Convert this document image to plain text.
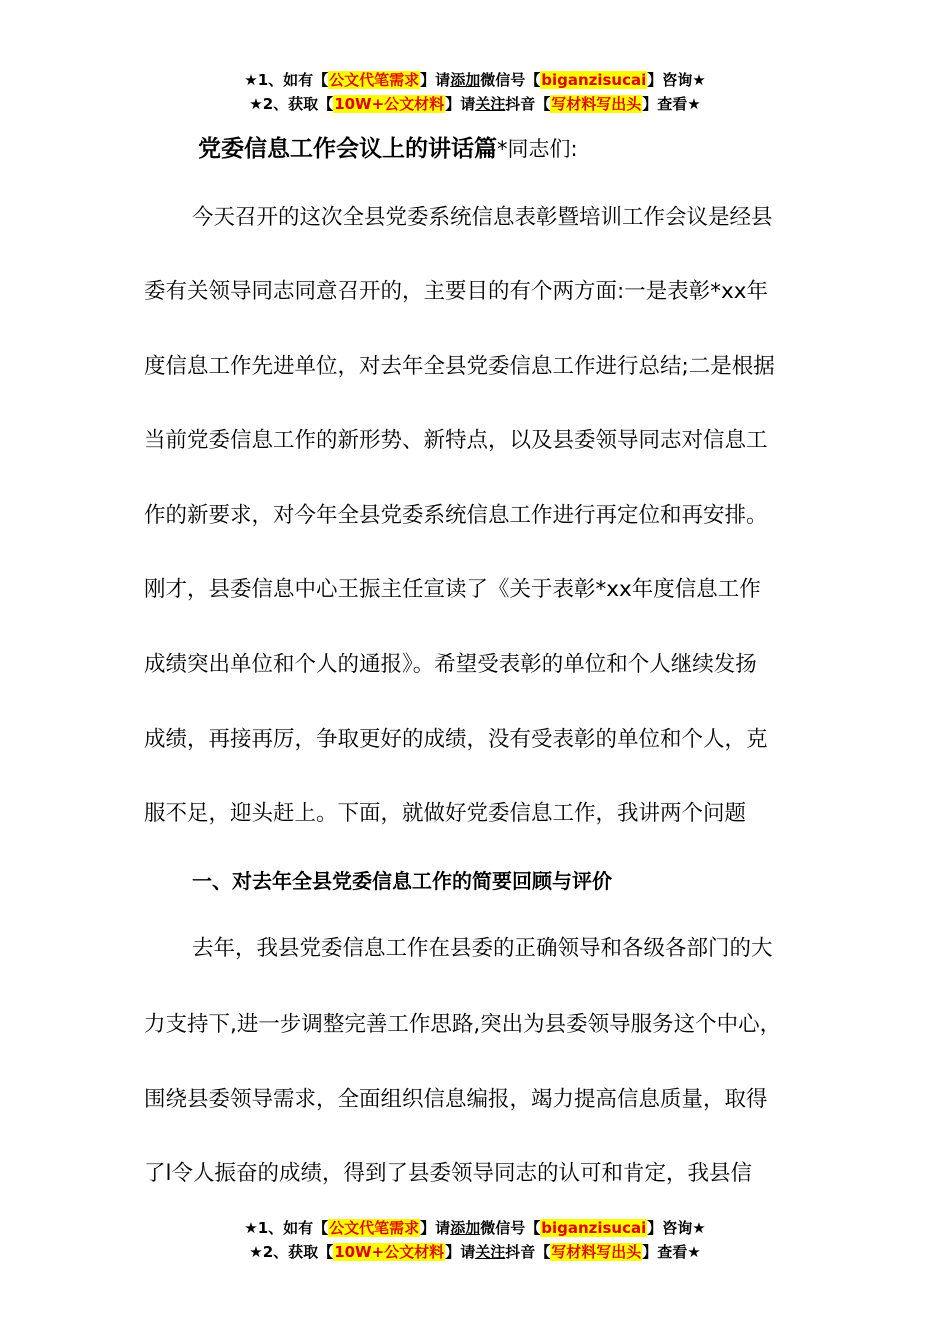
★1、如有【公文代笔需求】请添加微信号【biganzisucai】咨询★
★2、获取【10W+公文材料】请关注抖音【写材料写出头】查看★
党委信息工作会议上的讲话篇*同志们:
今天召开的这次全县党委系统信息表彰暨培训工作会议是经县
委有关领导同志同意召开的，主要目的有个两方面:一是表彰*xx年
度信息工作先进单位，对去年全县党委信息工作进行总结;二是根据
当前党委信息工作的新形势、新特点，以及县委领导同志对信息工
作的新要求，对今年全县党委系统信息工作进行再定位和再安排。
刚才，县委信息中心王振主任宣读了《关于表彰*xx年度信息工作
成绩突出单位和个人的通报》。希望受表彰的单位和个人继续发扬
成绩，再接再厉，争取更好的成绩，没有受表彰的单位和个人，克
服不足，迎头赶上。下面，就做好党委信息工作，我讲两个问题
一、对去年全县党委信息工作的简要回顾与评价
去年，我县党委信息工作在县委的正确领导和各级各部门的大
力支持下,进一步调整完善工作思路,突出为县委领导服务这个中心，
围绕县委领导需求，全面组织信息编报，竭力提高信息质量，取得
了l令人振奋的成绩，得到了县委领导同志的认可和肯定，我县信
★1、如有【公文代笔需求】请添加微信号【biganzisucai】咨询★
★2、获取【10W+公文材料】请关注抖音【写材料写出头】查看★
